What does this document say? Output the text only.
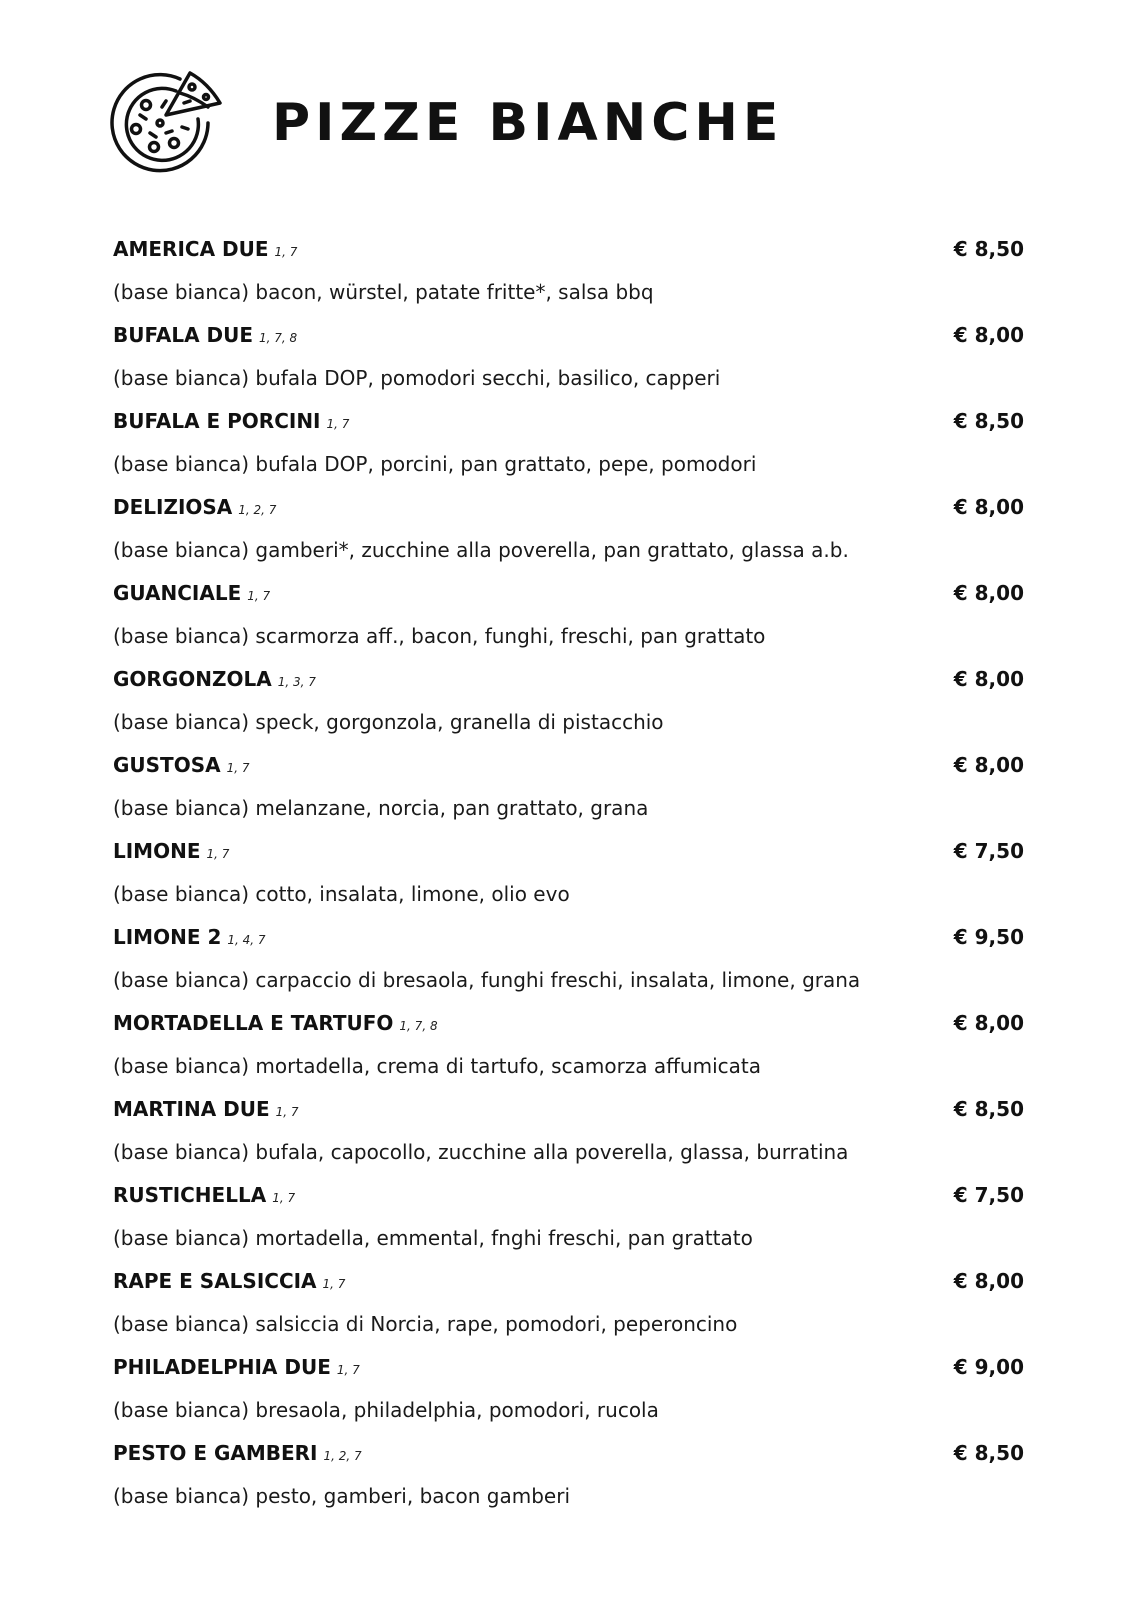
PIZZE BIANCHE
AMERICA DUE 1, 7	€ 8,50
(base bianca) bacon, würstel, patate fritte*, salsa bbq
BUFALA DUE 1, 7, 8	€ 8,00
(base bianca) bufala DOP, pomodori secchi, basilico, capperi
BUFALA E PORCINI 1, 7	€ 8,50
(base bianca) bufala DOP, porcini, pan grattato, pepe, pomodori
DELIZIOSA 1, 2, 7	€ 8,00
(base bianca) gamberi*, zucchine alla poverella, pan grattato, glassa a.b.
GUANCIALE 1, 7	€ 8,00
(base bianca) scarmorza aff., bacon, funghi, freschi, pan grattato
GORGONZOLA 1, 3, 7	€ 8,00
(base bianca) speck, gorgonzola, granella di pistacchio
GUSTOSA 1, 7	€ 8,00
(base bianca) melanzane, norcia, pan grattato, grana
LIMONE 1, 7	€ 7,50
(base bianca) cotto, insalata, limone, olio evo
LIMONE 2 1, 4, 7	€ 9,50
(base bianca) carpaccio di bresaola, funghi freschi, insalata, limone, grana
MORTADELLA E TARTUFO 1, 7, 8	€ 8,00
(base bianca) mortadella, crema di tartufo, scamorza affumicata
MARTINA DUE 1, 7	€ 8,50
(base bianca) bufala, capocollo, zucchine alla poverella, glassa, burratina
RUSTICHELLA 1, 7	€ 7,50
(base bianca) mortadella, emmental, fnghi freschi, pan grattato
RAPE E SALSICCIA 1, 7	€ 8,00
(base bianca) salsiccia di Norcia, rape, pomodori, peperoncino
PHILADELPHIA DUE 1, 7	€ 9,00
(base bianca) bresaola, philadelphia, pomodori, rucola
PESTO E GAMBERI 1, 2, 7	€ 8,50
(base bianca) pesto, gamberi, bacon gamberi
